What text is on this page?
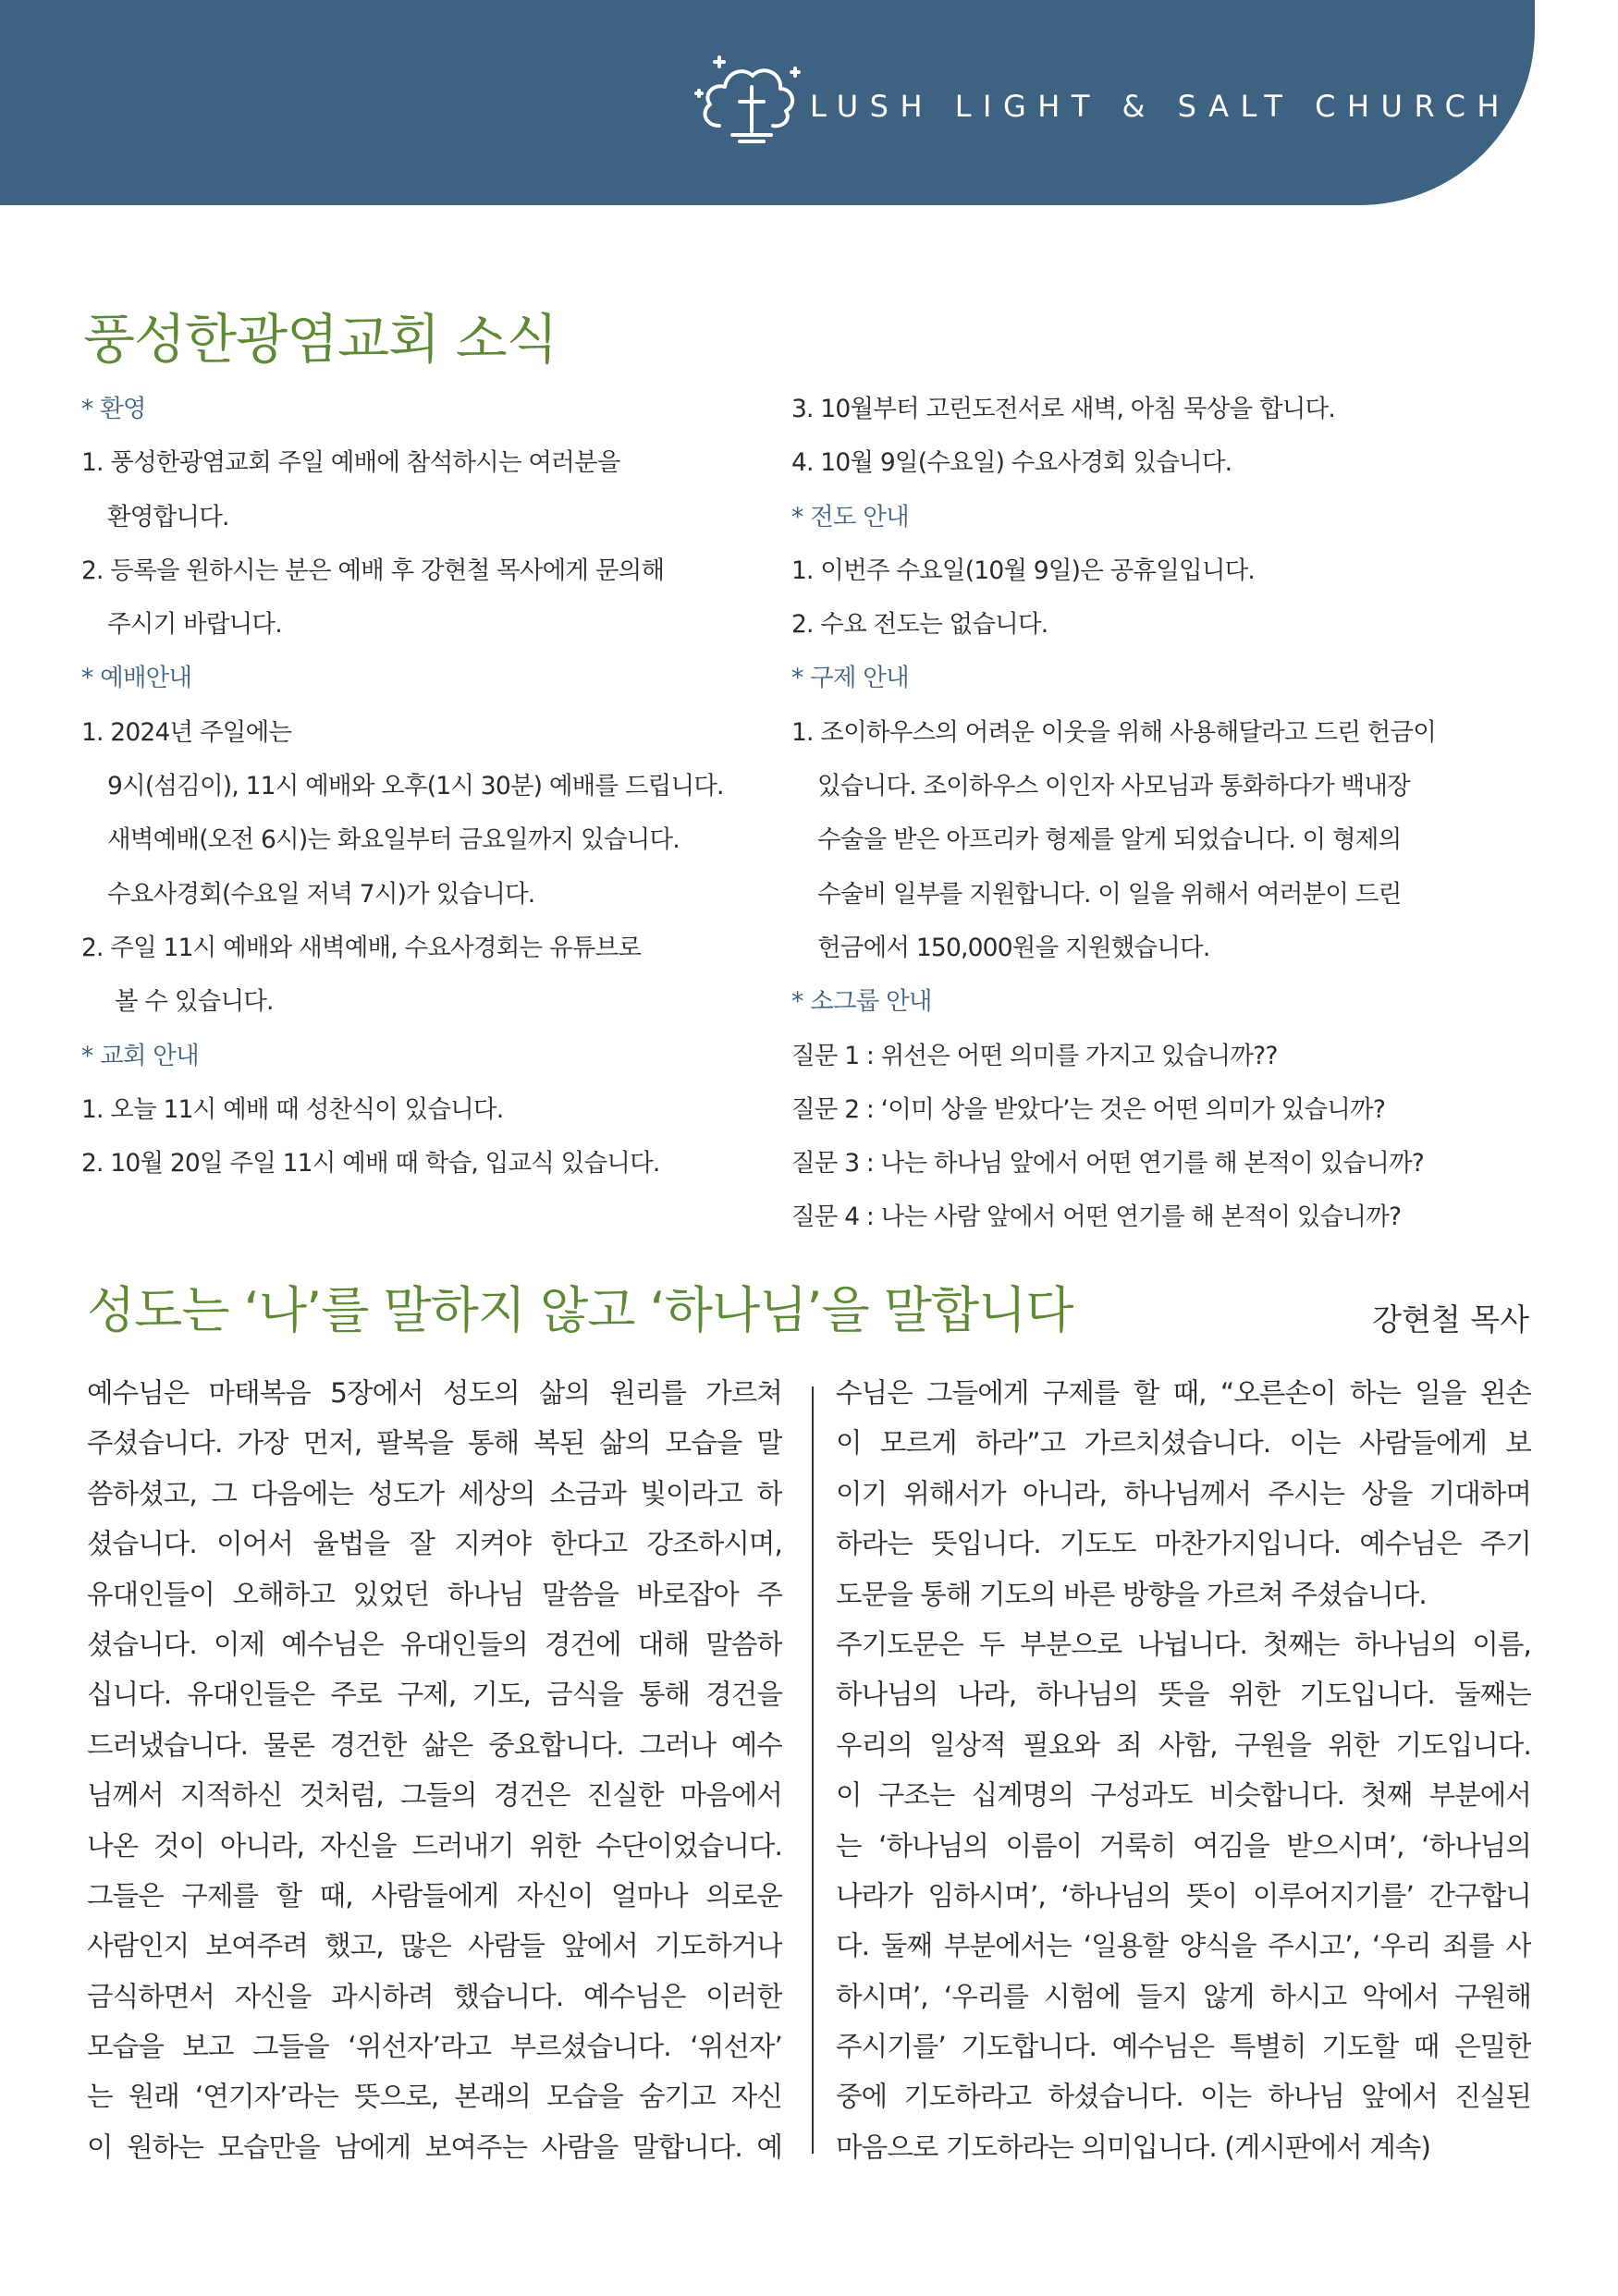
LUSH LIGHT & SALT CHURCH
풍성한광염교회 소식
* 환영
1. 풍성한광염교회 주일 예배에 참석하시는 여러분을
환영합니다.
2. 등록을 원하시는 분은 예배 후 강현철 목사에게 문의해
주시기 바랍니다.
* 예배안내
1. 2024년 주일에는
9시(섬김이), 11시 예배와 오후(1시 30분) 예배를 드립니다.
새벽예배(오전 6시)는 화요일부터 금요일까지 있습니다.
수요사경회(수요일 저녁 7시)가 있습니다.
2. 주일 11시 예배와 새벽예배, 수요사경회는 유튜브로
볼 수 있습니다.
* 교회 안내
1. 오늘 11시 예배 때 성찬식이 있습니다.
2. 10월 20일 주일 11시 예배 때 학습, 입교식 있습니다.
3. 10월부터 고린도전서로 새벽, 아침 묵상을 합니다.
4. 10월 9일(수요일) 수요사경회 있습니다.
* 전도 안내
1. 이번주 수요일(10월 9일)은 공휴일입니다.
2. 수요 전도는 없습니다.
* 구제 안내
1. 조이하우스의 어려운 이웃을 위해 사용해달라고 드린 헌금이
있습니다. 조이하우스 이인자 사모님과 통화하다가 백내장
수술을 받은 아프리카 형제를 알게 되었습니다. 이 형제의
수술비 일부를 지원합니다. 이 일을 위해서 여러분이 드린
헌금에서 150,000원을 지원했습니다.
* 소그룹 안내
질문 1 : 위선은 어떤 의미를 가지고 있습니까??
질문 2 : ‘이미 상을 받았다’는 것은 어떤 의미가 있습니까?
질문 3 : 나는 하나님 앞에서 어떤 연기를 해 본적이 있습니까?
질문 4 : 나는 사람 앞에서 어떤 연기를 해 본적이 있습니까?
성도는 ‘나’를 말하지 않고 ‘하나님’을 말합니다	강현철 목사
예수님은 마태복음 5장에서 성도의 삶의 원리를 가르쳐
주셨습니다. 가장 먼저, 팔복을 통해 복된 삶의 모습을 말
씀하셨고, 그 다음에는 성도가 세상의 소금과 빛이라고 하
셨습니다. 이어서 율법을 잘 지켜야 한다고 강조하시며,
유대인들이 오해하고 있었던 하나님 말씀을 바로잡아 주
셨습니다. 이제 예수님은 유대인들의 경건에 대해 말씀하
십니다. 유대인들은 주로 구제, 기도, 금식을 통해 경건을
드러냈습니다. 물론 경건한 삶은 중요합니다. 그러나 예수
님께서 지적하신 것처럼, 그들의 경건은 진실한 마음에서
나온 것이 아니라, 자신을 드러내기 위한 수단이었습니다.
그들은 구제를 할 때, 사람들에게 자신이 얼마나 의로운
사람인지 보여주려 했고, 많은 사람들 앞에서 기도하거나
금식하면서 자신을 과시하려 했습니다. 예수님은 이러한
모습을 보고 그들을 ‘위선자’라고 부르셨습니다. ‘위선자’
는 원래 ‘연기자’라는 뜻으로, 본래의 모습을 숨기고 자신
이 원하는 모습만을 남에게 보여주는 사람을 말합니다. 예
수님은 그들에게 구제를 할 때, “오른손이 하는 일을 왼손
이 모르게 하라”고 가르치셨습니다. 이는 사람들에게 보
이기 위해서가 아니라, 하나님께서 주시는 상을 기대하며
하라는 뜻입니다. 기도도 마찬가지입니다. 예수님은 주기
도문을 통해 기도의 바른 방향을 가르쳐 주셨습니다.
주기도문은 두 부분으로 나뉩니다. 첫째는 하나님의 이름,
하나님의 나라, 하나님의 뜻을 위한 기도입니다. 둘째는
우리의 일상적 필요와 죄 사함, 구원을 위한 기도입니다.
이 구조는 십계명의 구성과도 비슷합니다. 첫째 부분에서
는 ‘하나님의 이름이 거룩히 여김을 받으시며’, ‘하나님의
나라가 임하시며’, ‘하나님의 뜻이 이루어지기를’ 간구합니
다. 둘째 부분에서는 ‘일용할 양식을 주시고’, ‘우리 죄를 사
하시며’, ‘우리를 시험에 들지 않게 하시고 악에서 구원해
주시기를’ 기도합니다. 예수님은 특별히 기도할 때 은밀한
중에 기도하라고 하셨습니다. 이는 하나님 앞에서 진실된
마음으로 기도하라는 의미입니다. (게시판에서 계속)
